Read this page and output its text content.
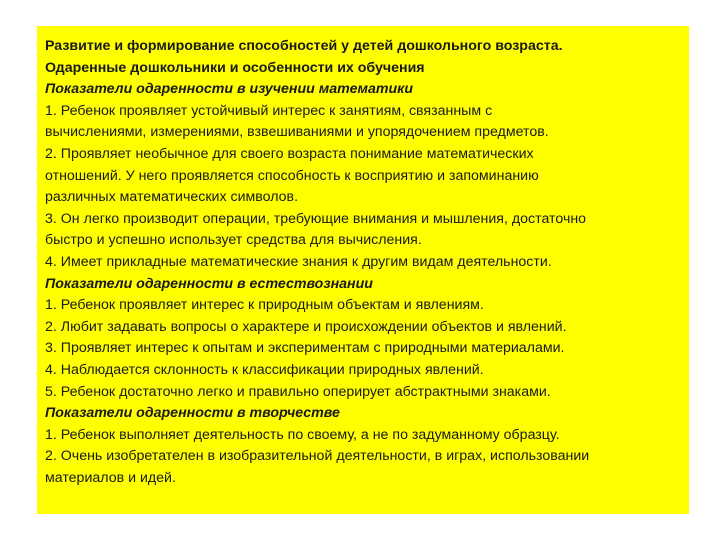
Развитие и формирование способностей у детей дошкольного возраста.
Одаренные дошкольники и особенности их обучения
Показатели одаренности в изучении математики
1. Ребенок проявляет устойчивый интерес к занятиям, связанным с
вычислениями, измерениями, взвешиваниями и упорядочением предметов.
2. Проявляет необычное для своего возраста понимание математических
отношений. У него проявляется способность к восприятию и запоминанию
различных математических символов.
3. Он легко производит операции, требующие внимания и мышления, достаточно
быстро и успешно использует средства для вычисления.
4. Имеет прикладные математические знания к другим видам деятельности.
Показатели одаренности в естествознании
1. Ребенок проявляет интерес к природным объектам и явлениям.
2. Любит задавать вопросы о характере и происхождении объектов и явлений.
3. Проявляет интерес к опытам и экспериментам с природными материалами.
4. Наблюдается склонность к классификации природных явлений.
5. Ребенок достаточно легко и правильно оперирует абстрактными знаками.
Показатели одаренности в творчестве
1. Ребенок выполняет деятельность по своему, а не по задуманному образцу.
2. Очень изобретателен в изобразительной деятельности, в играх, использовании
материалов и идей.
